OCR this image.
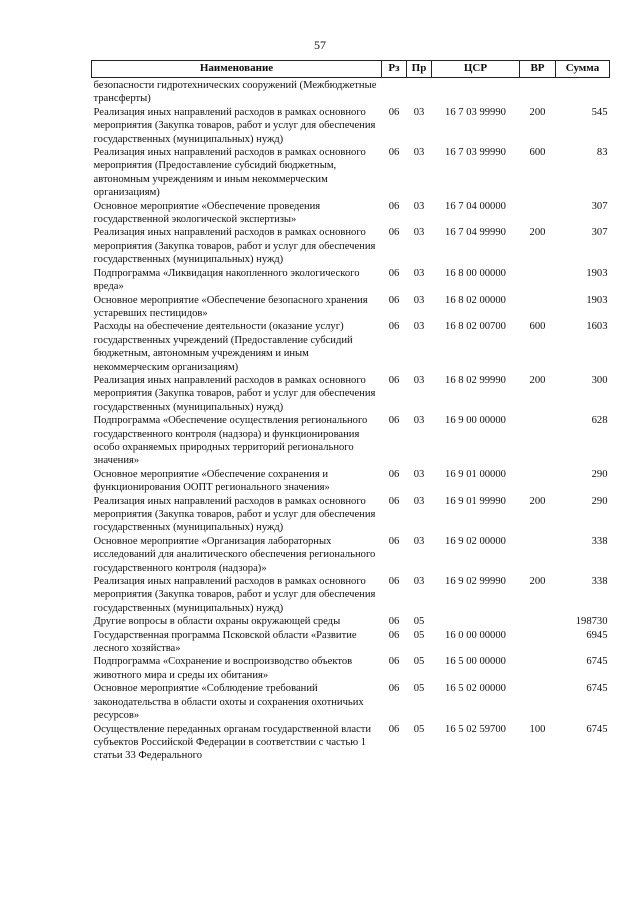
57
Наименование	Рз	Пр	ЦСР	ВР	Сумма
безопасности гидротехнических сооружений (Межбюджетные трансферты)					
Реализация иных направлений расходов в рамках основного мероприятия (Закупка товаров, работ и услуг для обеспечения государственных (муниципальных) нужд)	06	03	16 7 03 99990	200	545
Реализация иных направлений расходов в рамках основного мероприятия (Предоставление субсидий бюджетным, автономным учреждениям и иным некоммерческим организациям)	06	03	16 7 03 99990	600	83
Основное мероприятие «Обеспечение проведения государственной экологической экспертизы»	06	03	16 7 04 00000		307
Реализация иных направлений расходов в рамках основного мероприятия (Закупка товаров, работ и услуг для обеспечения государственных (муниципальных) нужд)	06	03	16 7 04 99990	200	307
Подпрограмма «Ликвидация накопленного экологического вреда»	06	03	16 8 00 00000		1903
Основное мероприятие «Обеспечение безопасного хранения устаревших пестицидов»	06	03	16 8 02 00000		1903
Расходы на обеспечение деятельности (оказание услуг) государственных учреждений (Предоставление субсидий бюджетным, автономным учреждениям и иным некоммерческим организациям)	06	03	16 8 02 00700	600	1603
Реализация иных направлений расходов в рамках основного мероприятия (Закупка товаров, работ и услуг для обеспечения государственных (муниципальных) нужд)	06	03	16 8 02 99990	200	300
Подпрограмма «Обеспечение осуществления регионального государственного контроля (надзора) и функционирования особо охраняемых природных территорий регионального значения»	06	03	16 9 00 00000		628
Основное мероприятие «Обеспечение сохранения и функционирования ООПТ регионального значения»	06	03	16 9 01 00000		290
Реализация иных направлений расходов в рамках основного мероприятия (Закупка товаров, работ и услуг для обеспечения государственных (муниципальных) нужд)	06	03	16 9 01 99990	200	290
Основное мероприятие «Организация лабораторных исследований для аналитического обеспечения регионального государственного контроля (надзора)»	06	03	16 9 02 00000		338
Реализация иных направлений расходов в рамках основного мероприятия (Закупка товаров, работ и услуг для обеспечения государственных (муниципальных) нужд)	06	03	16 9 02 99990	200	338
Другие вопросы в области охраны окружающей среды	06	05			198730
Государственная программа Псковской области «Развитие лесного хозяйства»	06	05	16 0 00 00000		6945
Подпрограмма «Сохранение и воспроизводство объектов животного мира и среды их обитания»	06	05	16 5 00 00000		6745
Основное мероприятие «Соблюдение требований законодательства в области охоты и сохранения охотничьих ресурсов»	06	05	16 5 02 00000		6745
Осуществление переданных органам государственной власти субъектов Российской Федерации в соответствии с частью 1 статьи 33 Федерального	06	05	16 5 02 59700	100	6745
